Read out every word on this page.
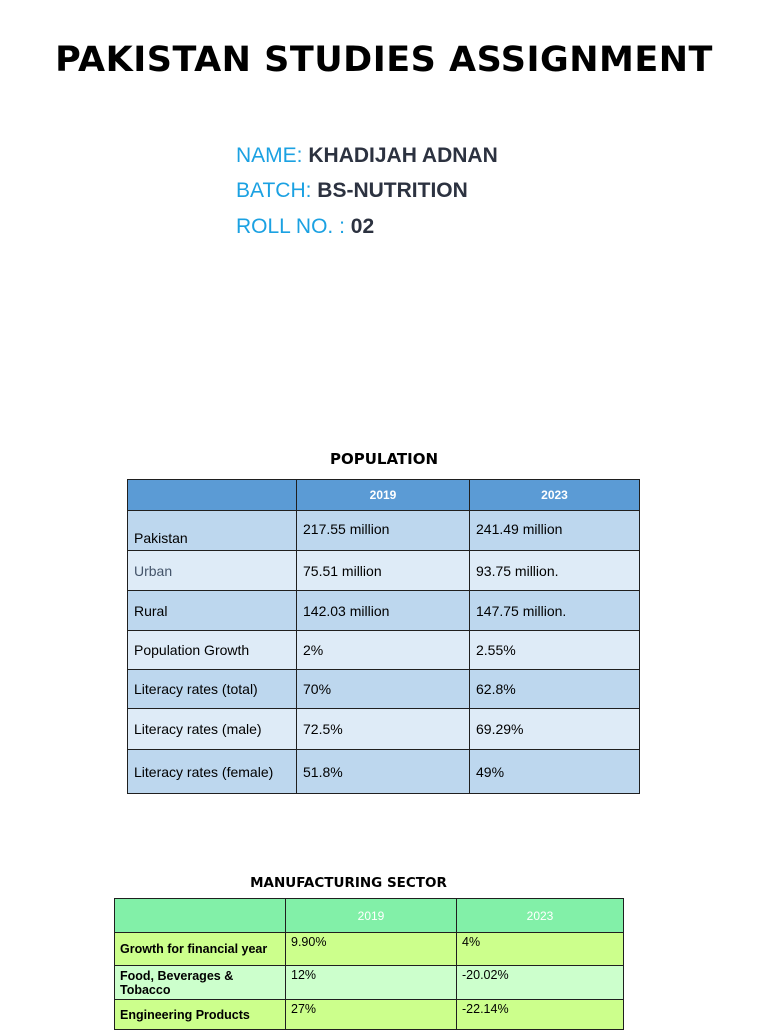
PAKISTAN STUDIES ASSIGNMENT
NAME: KHADIJAH ADNAN
BATCH: BS-NUTRITION
ROLL NO. : 02
POPULATION
	2019	2023
Pakistan	217.55 million	241.49 million
Urban	75.51 million	93.75 million.
Rural	142.03 million	147.75 million.
Population Growth	2%	2.55%
Literacy rates (total)	70%	62.8%
Literacy rates (male)	72.5%	69.29%
Literacy rates (female)	51.8%	49%
MANUFACTURING SECTOR
	2019	2023
Growth for financial year	9.90%	4%
Food, Beverages & Tobacco	12%	-20.02%
Engineering Products	27%	-22.14%
